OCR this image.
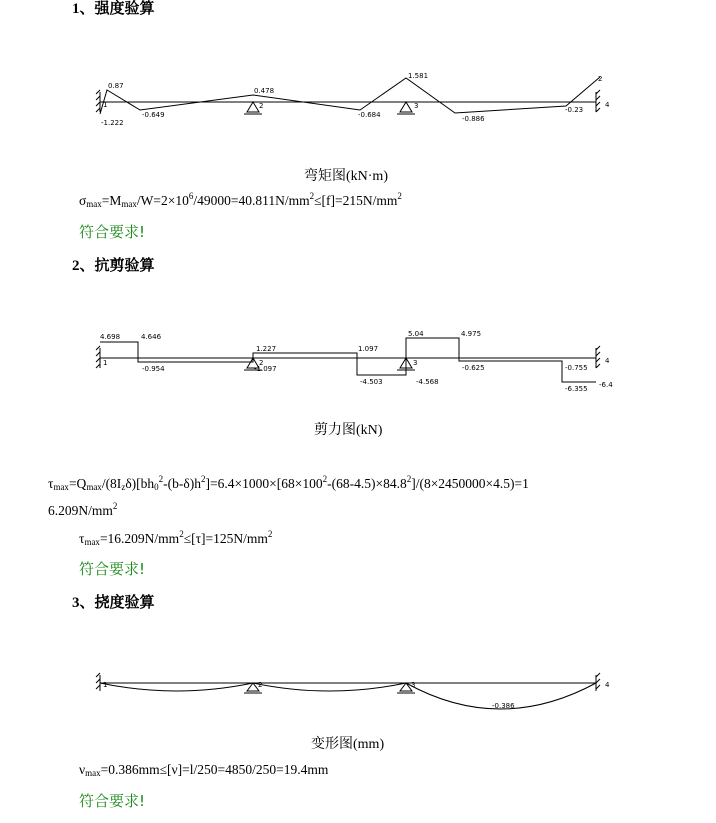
1、强度验算
0.87
-1.222
-0.649
0.478
1.581
-0.684	-0.886
-0.23
1	2	3	4
2
弯矩图(kN·m)
$\sigma_{max}=M_{max}/W=2\times 10^6/49000=40.811N/mm^2\le[f]=215N/mm^2$
符合要求!
2、抗剪验算
4.698	4.646
-0.954
1.227
-1.097
1.097
-4.503
5.04
-4.568
4.975
-0.625	-0.755
-6.355 -6.4
1	2	3	4
剪力图(kN)
$\tau_{max}=Q_{max}/(8I_z\delta)[bh_0^2-(b-\delta)h^2]=6.4\times 1000\times[68\times 100^2-(68-4.5)\times 84.8^2]/(8\times 2450000\times 4.5)=1$
$6.209N/mm^2$
$\tau_{max}=16.209N/mm^2\le[\tau]=125N/mm^2$
符合要求!
3、挠度验算
-0.386
1	2	3	4
变形图(mm)
$\nu_{max}=0.386mm\le[\nu]=l/250=4850/250=19.4mm$
符合要求!
